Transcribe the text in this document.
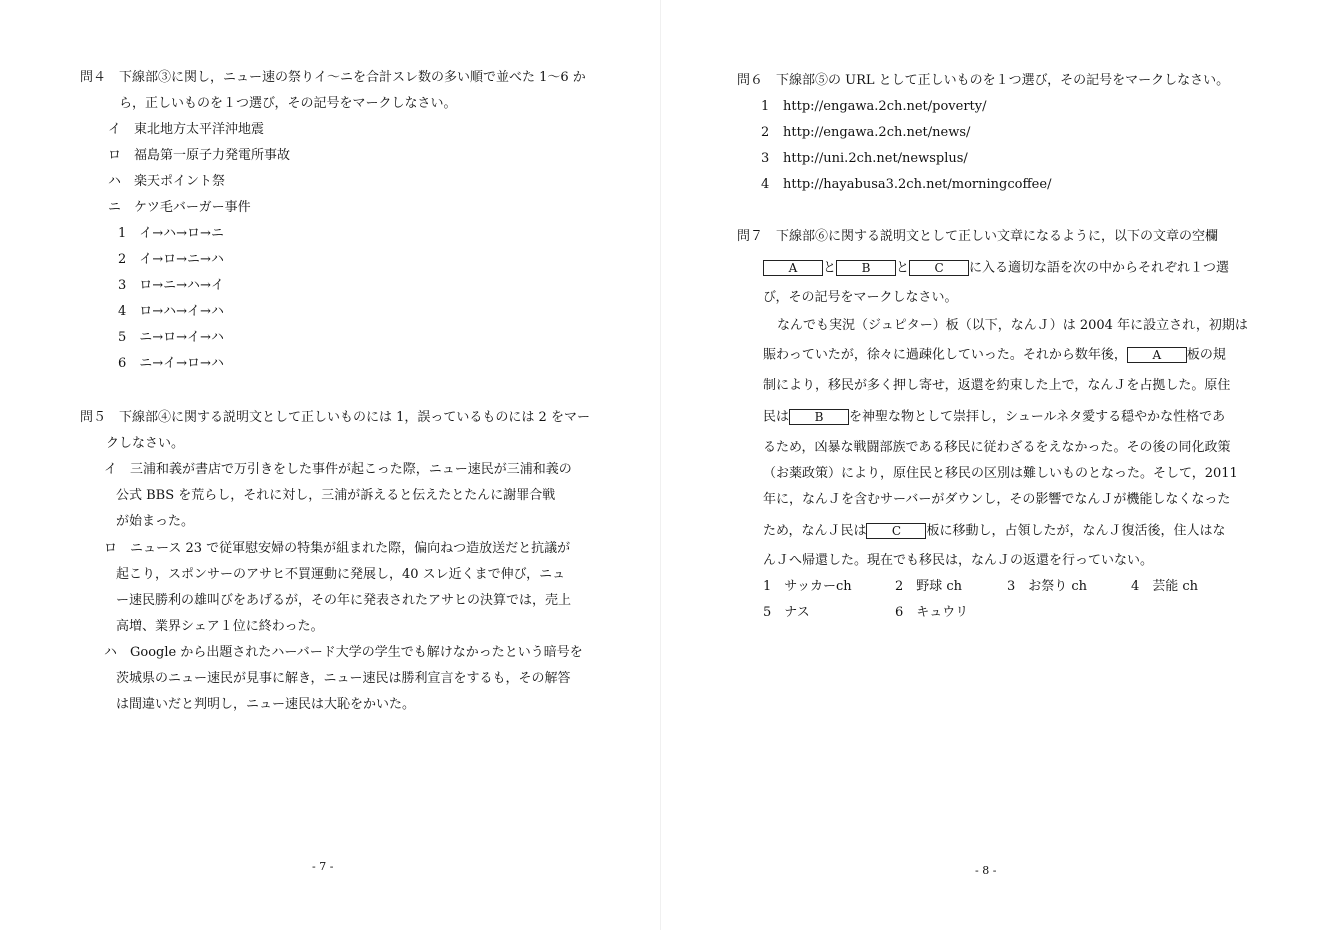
問４　下線部③に関し，ニュー速の祭りイ～ニを合計スレ数の多い順で並べた 1～6 か
ら，正しいものを１つ選び，その記号をマークしなさい。
イ　東北地方太平洋沖地震
ロ　福島第一原子力発電所事故
ハ　楽天ポイント祭
ニ　ケツ毛バーガー事件
1　イ→ハ→ロ→ニ
2　イ→ロ→ニ→ハ
3　ロ→ニ→ハ→イ
4　ロ→ハ→イ→ハ
5　ニ→ロ→イ→ハ
6　ニ→イ→ロ→ハ
問５　下線部④に関する説明文として正しいものには 1，誤っているものには 2 をマー
クしなさい。
イ　三浦和義が書店で万引きをした事件が起こった際，ニュー速民が三浦和義の
公式 BBS を荒らし，それに対し，三浦が訴えると伝えたとたんに謝罪合戦
が始まった。
ロ　ニュース 23 で従軍慰安婦の特集が組まれた際，偏向ねつ造放送だと抗議が
起こり，スポンサーのアサヒ不買運動に発展し，40 スレ近くまで伸び，ニュ
ー速民勝利の雄叫びをあげるが，その年に発表されたアサヒの決算では，売上
高増、業界シェア１位に終わった。
ハ　Google から出題されたハーバード大学の学生でも解けなかったという暗号を
茨城県のニュー速民が見事に解き，ニュー速民は勝利宣言をするも，その解答
は間違いだと判明し，ニュー速民は大恥をかいた。
- 7 -
問６　下線部⑤の URL として正しいものを１つ選び，その記号をマークしなさい。
1 http://engawa.2ch.net/poverty/
2 http://engawa.2ch.net/news/
3 http://uni.2ch.net/newsplus/
4 http://hayabusa3.2ch.net/morningcoffee/
問７　下線部⑥に関する説明文として正しい文章になるように，以下の文章の空欄
A と B と C に入る適切な語を次の中からそれぞれ１つ選
び，その記号をマークしなさい。
なんでも実況（ジュピター）板（以下，なんＪ）は 2004 年に設立され，初期は
賑わっていたが，徐々に過疎化していった。それから数年後， A 板の規
制により，移民が多く押し寄せ，返還を約束した上で，なんＪを占拠した。原住
民は B を神聖な物として崇拝し，シュールネタ愛する穏やかな性格であ
るため，凶暴な戦闘部族である移民に従わざるをえなかった。その後の同化政策
（お薬政策）により，原住民と移民の区別は難しいものとなった。そして，2011
年に，なんＪを含むサーバーがダウンし，その影響でなんＪが機能しなくなった
ため，なんＪ民は C 板に移動し，占領したが，なんＪ復活後，住人はな
んＪへ帰還した。現在でも移民は，なんＪの返還を行っていない。
1　サッカーch	2　野球 ch	3　お祭り ch	4　芸能 ch
5　ナス	6　キュウリ
- 8 -
